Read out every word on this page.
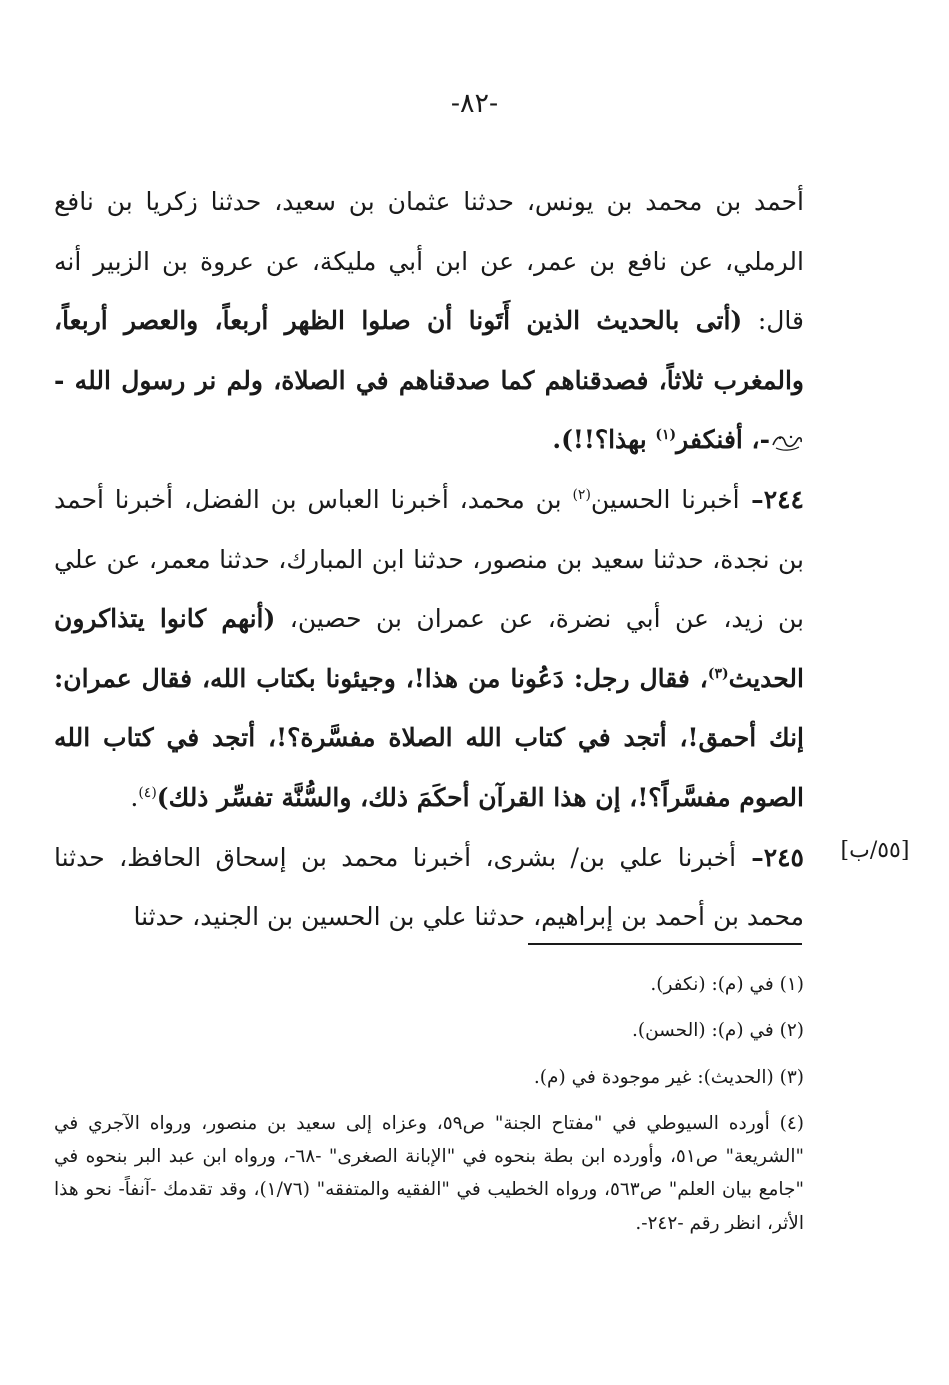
-٨٢-

أحمد بن محمد بن يونس، حدثنا عثمان بن سعيد، حدثنا زكريا بن نافع الرملي، عن نافع بن عمر، عن ابن أبي مليكة، عن عروة بن الزبير أنه قال: (أتى بالحديث الذين أَتَونا أن صلوا الظهر أربعاً، والعصر أربعاً، والمغرب ثلاثاً، فصدقناهم كما صدقناهم في الصلاة، ولم نر رسول الله --، أفنكفر$^{(١)}$ بهذا؟!!).

٢٤٤– أخبرنا الحسين$^{(٢)}$ بن محمد، أخبرنا العباس بن الفضل، أخبرنا أحمد بن نجدة، حدثنا سعيد بن منصور، حدثنا ابن المبارك، حدثنا معمر، عن علي بن زيد، عن أبي نضرة، عن عمران بن حصين، (أنهم كانوا يتذاكرون الحديث$^{(٣)}$، فقال رجل: دَعُونا من هذا!، وجيئونا بكتاب الله، فقال عمران: إنك أحمق!، أتجد في كتاب الله الصلاة مفسَّرة؟!، أتجد في كتاب الله الصوم مفسَّراً؟!، إن هذا القرآن أحكَمَ ذلك، والسُّنَّة تفسِّر ذلك)$^{(٤)}$.

٢٤٥– أخبرنا علي بن/ بشرى، أخبرنا محمد بن إسحاق الحافظ، حدثنا محمد بن أحمد بن إبراهيم، حدثنا علي بن الحسين بن الجنيد، حدثنا

[٥٥/ب]

(١) في (م): (نكفر).

(٢) في (م): (الحسن).

(٣) (الحديث): غير موجودة في (م).

(٤) أورده السيوطي في "مفتاح الجنة" ص٥٩، وعزاه إلى سعيد بن منصور، ورواه الآجري في "الشريعة" ص٥١، وأورده ابن بطة بنحوه في "الإبانة الصغرى" -٦٨-، ورواه ابن عبد البر بنحوه في "جامع بيان العلم" ص٥٦٣، ورواه الخطيب في "الفقيه والمتفقه" (١/٧٦)، وقد تقدمك -آنفاً- نحو هذا الأثر، انظر رقم -٢٤٢-.
